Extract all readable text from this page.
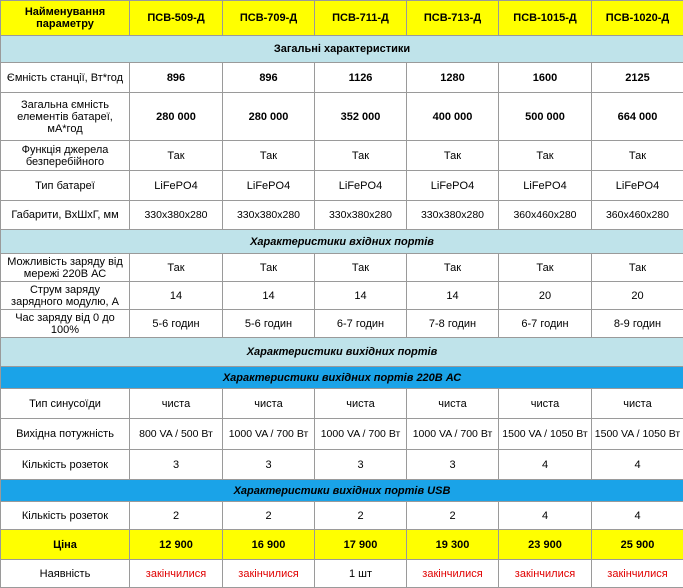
Найменування параметру	ПСВ-509-Д	ПСВ-709-Д	ПСВ-711-Д	ПСВ-713-Д	ПСВ-1015-Д	ПСВ-1020-Д
Загальні характеристики						
Ємність станції, Вт*год	896	896	1126	1280	1600	2125
Загальна ємність елементів батареї, мА*год	280 000	280 000	352 000	400 000	500 000	664 000
Функція джерела безперебійного	Так	Так	Так	Так	Так	Так
Тип батареї	LiFePO4	LiFePO4	LiFePO4	LiFePO4	LiFePO4	LiFePO4
Габарити, ВхШхГ, мм	330x380x280	330x380x280	330x380x280	330x380x280	360x460x280	360x460x280
Характеристики вхідних портів						
Можливість заряду від мережі 220В АС	Так	Так	Так	Так	Так	Так
Струм заряду зарядного модулю, А	14	14	14	14	20	20
Час заряду від 0 до 100%	5-6 годин	5-6 годин	6-7 годин	7-8 годин	6-7 годин	8-9 годин
Характеристики вихідних портів						
Характеристики вихідних портів 220В АС						
Тип синусоїди	чиста	чиста	чиста	чиста	чиста	чиста
Вихідна потужність	800 VA / 500 Вт	1000 VA / 700 Вт	1000 VA / 700 Вт	1000 VA / 700 Вт	1500 VA / 1050 Вт	1500 VA / 1050 Вт
Кількість розеток	3	3	3	3	4	4
Характеристики вихідних портів USB						
Кількість розеток	2	2	2	2	4	4
Ціна	12 900	16 900	17 900	19 300	23 900	25 900
Наявність	закінчилися	закінчилися	1 шт	закінчилися	закінчилися	закінчилися
